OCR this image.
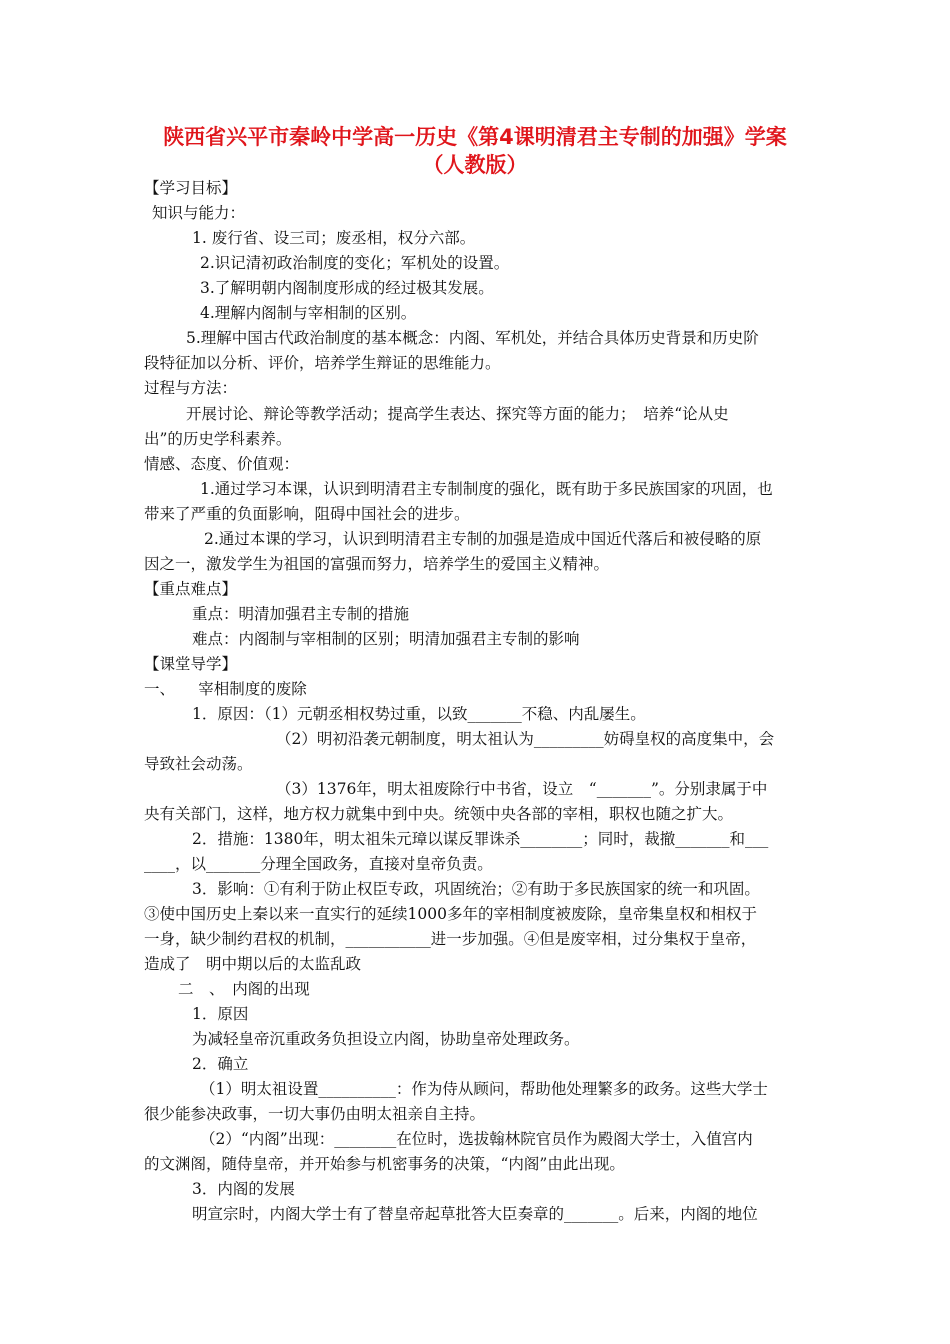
陕西省兴平市秦岭中学高一历史《第4课明清君主专制的加强》学案
（人教版）
【学习目标】
知识与能力：
1. 废行省、设三司；废丞相，权分六部。
2.识记清初政治制度的变化；军机处的设置。
3.了解明朝内阁制度形成的经过极其发展。
4.理解内阁制与宰相制的区别。
5.理解中国古代政治制度的基本概念：内阁、军机处，并结合具体历史背景和历史阶
段特征加以分析、评价，培养学生辩证的思维能力。
过程与方法：
开展讨论、辩论等教学活动；提高学生表达、探究等方面的能力；　培养“论从史
出”的历史学科素养。
情感、态度、价值观：
1.通过学习本课，认识到明清君主专制制度的强化，既有助于多民族国家的巩固，也
带来了严重的负面影响，阻碍中国社会的进步。
2.通过本课的学习，认识到明清君主专制的加强是造成中国近代落后和被侵略的原
因之一，激发学生为祖国的富强而努力，培养学生的爱国主义精神。
【重点难点】
重点：明清加强君主专制的措施
难点：内阁制与宰相制的区别；明清加强君主专制的影响
【课堂导学】
一、　　宰相制度的废除
1．原因：（1）元朝丞相权势过重，以致_______不稳、内乱屡生。
（2）明初沿袭元朝制度，明太祖认为_________妨碍皇权的高度集中，会
导致社会动荡。
（3）1376年，明太祖废除行中书省，设立　“_______”。分别隶属于中
央有关部门，这样，地方权力就集中到中央。统领中央各部的宰相，职权也随之扩大。
2．措施：1380年，明太祖朱元璋以谋反罪诛杀________；同时，裁撤_______和___
____，以_______分理全国政务，直接对皇帝负责。
3．影响：①有利于防止权臣专政，巩固统治；②有助于多民族国家的统一和巩固。
③使中国历史上秦以来一直实行的延续1000多年的宰相制度被废除，皇帝集皇权和相权于
一身，缺少制约君权的机制，___________进一步加强。④但是废宰相，过分集权于皇帝，
造成了　明中期以后的太监乱政
二　、　内阁的出现
1．原因
为减轻皇帝沉重政务负担设立内阁，协助皇帝处理政务。
2．确立
（1）明太祖设置__________：作为侍从顾问，帮助他处理繁多的政务。这些大学士
很少能参决政事，一切大事仍由明太祖亲自主持。
（2）“内阁”出现：________在位时，选拔翰林院官员作为殿阁大学士，入值宫内
的文渊阁，随侍皇帝，并开始参与机密事务的决策，“内阁”由此出现。
3．内阁的发展
明宣宗时，内阁大学士有了替皇帝起草批答大臣奏章的_______。后来，内阁的地位
